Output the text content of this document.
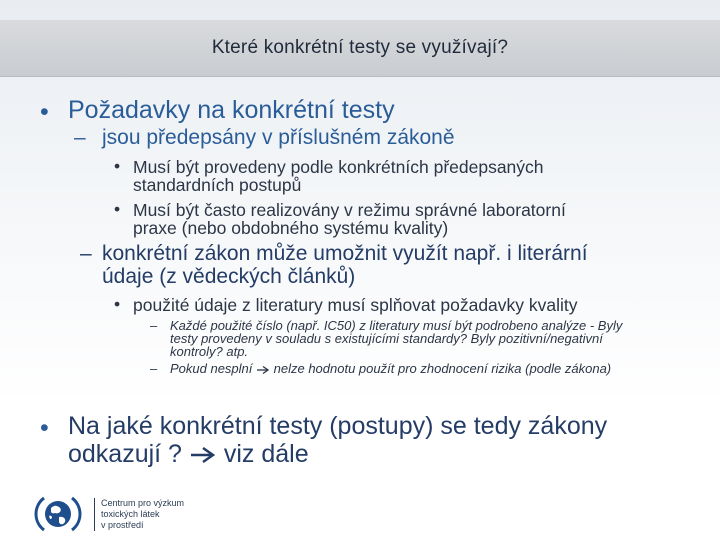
Které konkrétní testy se využívají?
• Požadavky na konkrétní testy
– jsou předepsány v příslušném zákoně
• Musí být provedeny podle konkrétních předepsaných
standardních postupů
• Musí být často realizovány v režimu správné laboratorní
praxe (nebo obdobného systému kvality)
– konkrétní zákon může umožnit využít např. i literární
údaje (z vědeckých článků)
• použité údaje z literatury musí splňovat požadavky kvality
– Každé použité číslo (např. IC50) z literatury musí být podrobeno analýze - Byly
testy provedeny v souladu s existujícími standardy? Byly pozitivní/negativní
kontroly? atp.
– Pokud nesplní  nelze hodnotu použít pro zhodnocení rizika (podle zákona)
• Na jaké konkrétní testy (postupy) se tedy zákony
odkazují ?  viz dále
Centrum pro výzkum
toxických látek
v prostředí
